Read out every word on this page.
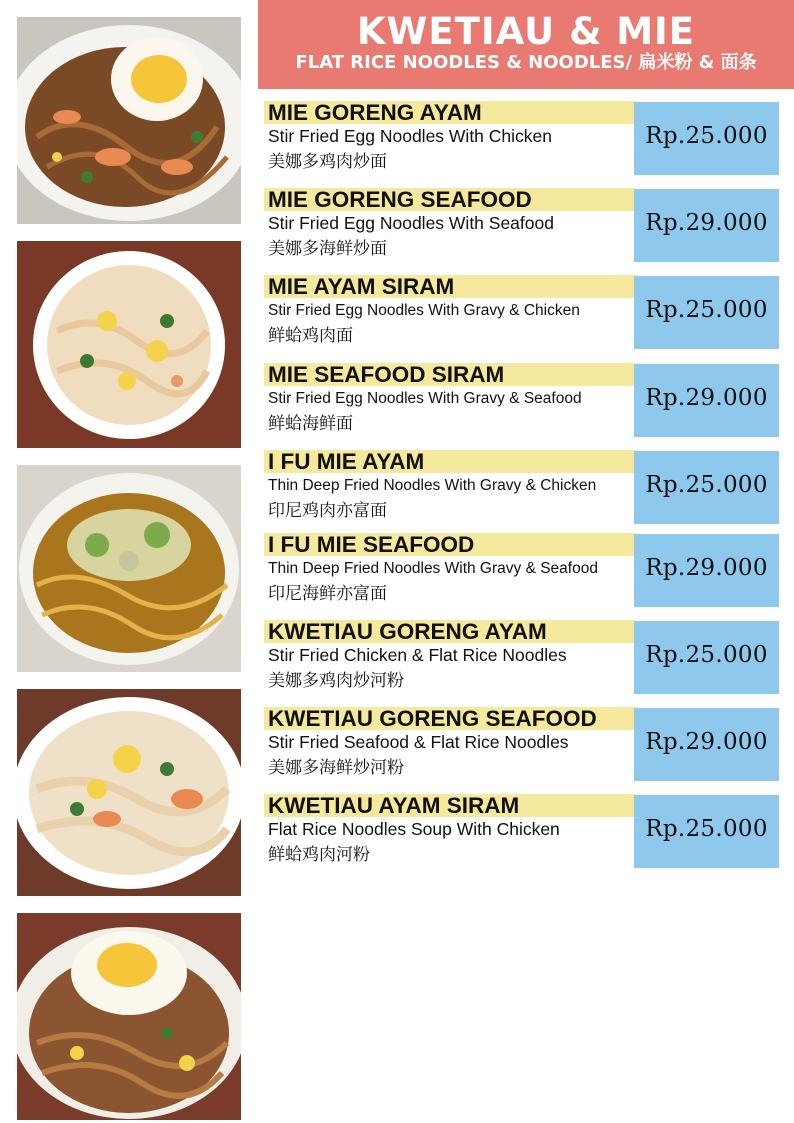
KWETIAU & MIE
FLAT RICE NOODLES & NOODLES/ 扁米粉 & 面条
MIE GORENG AYAM
Stir Fried Egg Noodles With Chicken
美娜多鸡肉炒面
Rp.25.000
MIE GORENG SEAFOOD
Stir Fried Egg Noodles With Seafood
美娜多海鲜炒面
Rp.29.000
MIE AYAM SIRAM
Stir Fried Egg Noodles With Gravy & Chicken
鲜蛤鸡肉面
Rp.25.000
MIE SEAFOOD SIRAM
Stir Fried Egg Noodles With Gravy & Seafood
鲜蛤海鲜面
Rp.29.000
I FU MIE AYAM
Thin Deep Fried Noodles With Gravy & Chicken
印尼鸡肉亦富面
Rp.25.000
I FU MIE SEAFOOD
Thin Deep Fried Noodles With Gravy & Seafood
印尼海鲜亦富面
Rp.29.000
KWETIAU GORENG AYAM
Stir Fried Chicken & Flat Rice Noodles
美娜多鸡肉炒河粉
Rp.25.000
KWETIAU GORENG SEAFOOD
Stir Fried Seafood & Flat Rice Noodles
美娜多海鲜炒河粉
Rp.29.000
KWETIAU AYAM SIRAM
Flat Rice Noodles Soup With Chicken
鲜蛤鸡肉河粉
Rp.25.000
